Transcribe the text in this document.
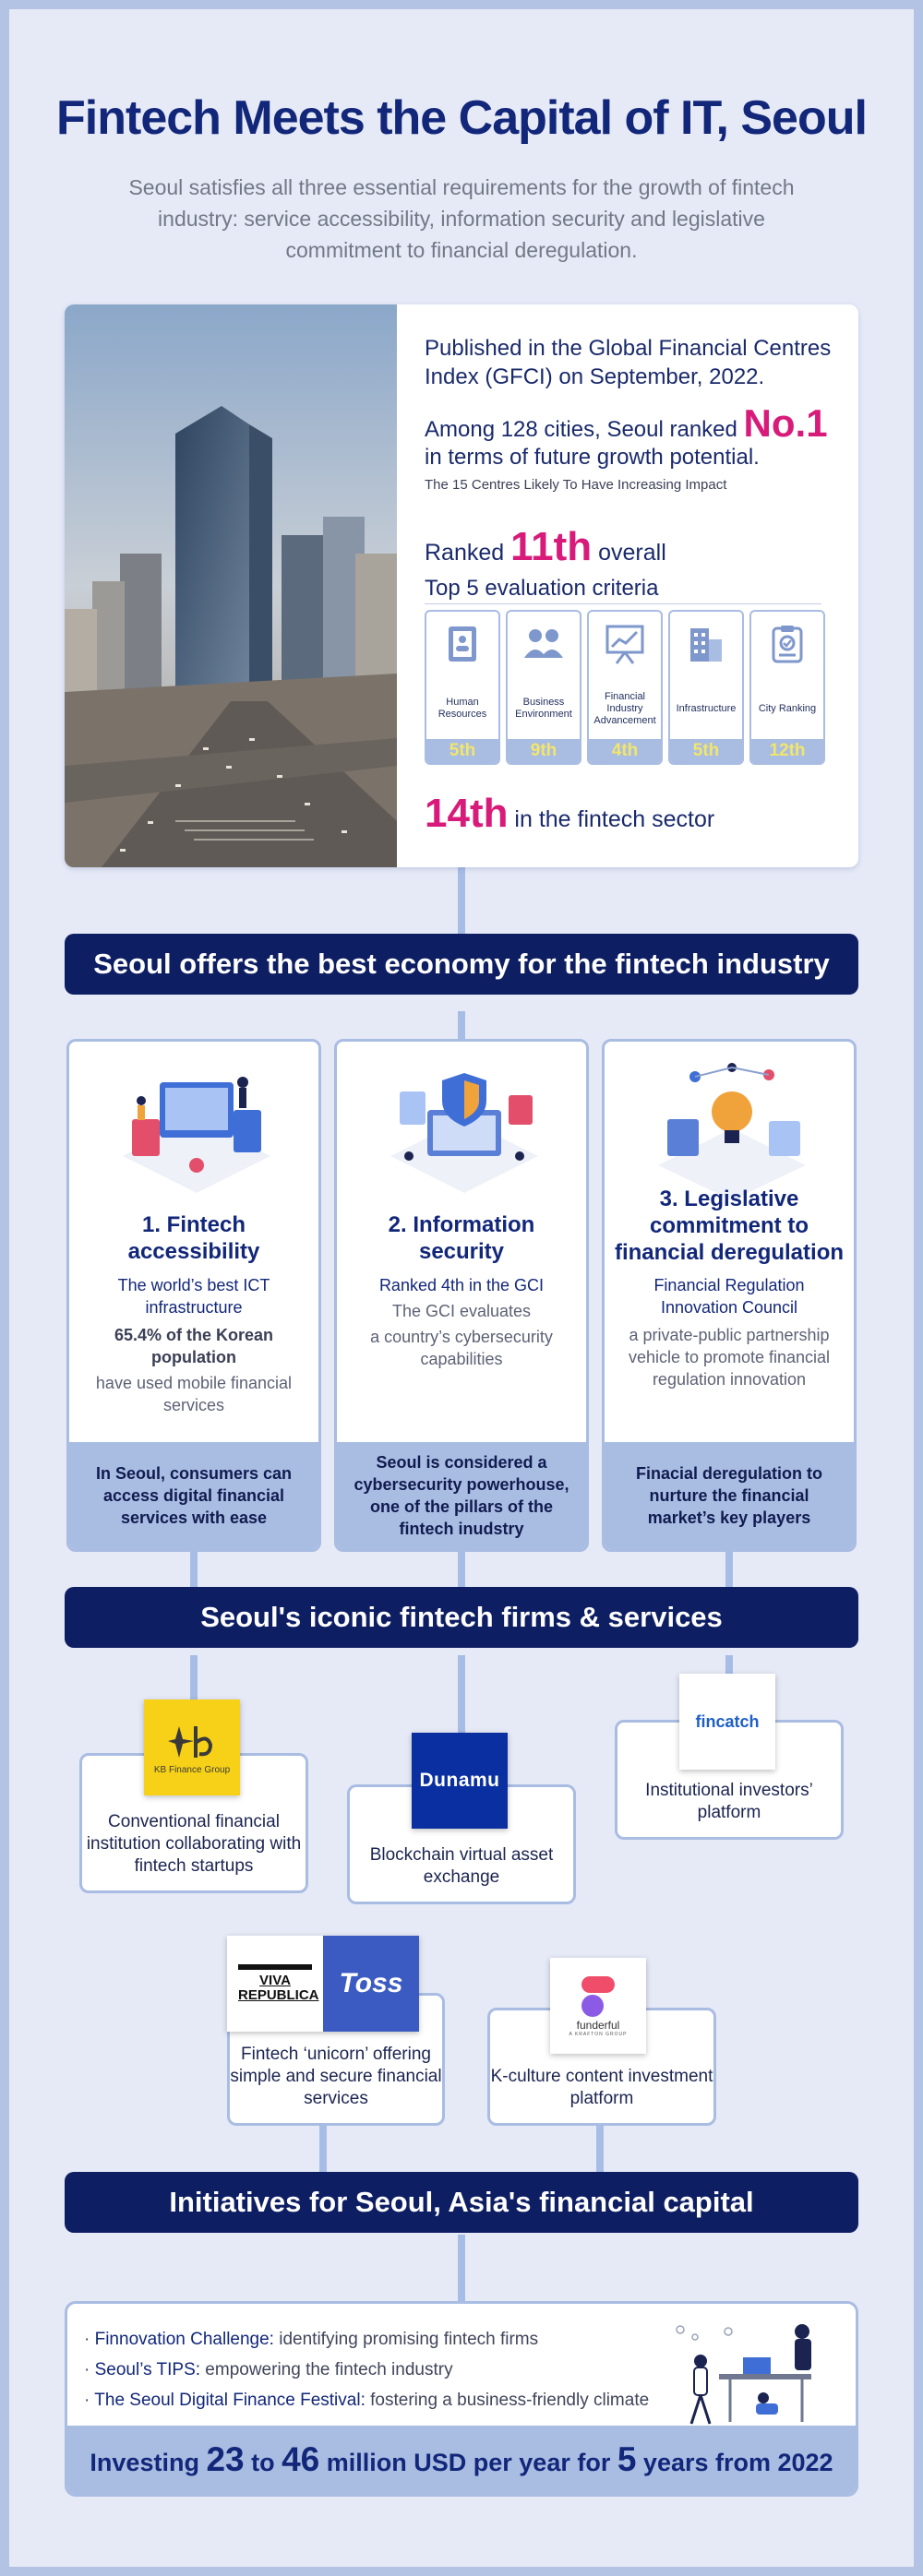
Fintech Meets the Capital of IT, Seoul
Seoul satisfies all three essential requirements for the growth of fintech industry: service accessibility, information security and legislative commitment to financial deregulation.
Published in the Global Financial Centres Index (GFCI) on September, 2022.
Among 128 cities, Seoul ranked No.1
in terms of future growth potential.
The 15 Centres Likely To Have Increasing Impact
Ranked 11th overall
Top 5 evaluation criteria
Human Resources
5th
Business Environment
9th
Financial Industry Advancement
4th
Infrastructure
5th
City Ranking
12th
14th in the fintech sector
Seoul offers the best economy for the fintech industry
1. Fintech accessibility
The world’s best ICT infrastructure
65.4% of the Korean population
have used mobile financial services
In Seoul, consumers can access digital financial services with ease
2. Information security
Ranked 4th in the GCI
The GCI evaluates
a country’s cybersecurity capabilities
Seoul is considered a cybersecurity powerhouse, one of the pillars of the fintech inudstry
3. Legislative commitment to financial deregulation
Financial Regulation Innovation Council
a private-public partnership vehicle to promote financial regulation innovation
Finacial deregulation to nurture the financial market’s key players
Seoul's iconic fintech firms & services
Conventional financial institution collaborating with fintech startups
KB Finance Group
Blockchain virtual asset exchange
Dunamu	Institutional investors’ platform
fincatch
Fintech ‘unicorn’ offering simple and secure financial services
VIVA REPUBLICA Toss
K-culture content investment platform
funderful
A KRAFTON GROUP
Initiatives for Seoul, Asia's financial capital
· Finnovation Challenge: identifying promising fintech firms
· Seoul’s TIPS: empowering the fintech industry
· The Seoul Digital Finance Festival: fostering a business-friendly climate
Investing 23 to 46 million USD per year for 5 years from 2022
